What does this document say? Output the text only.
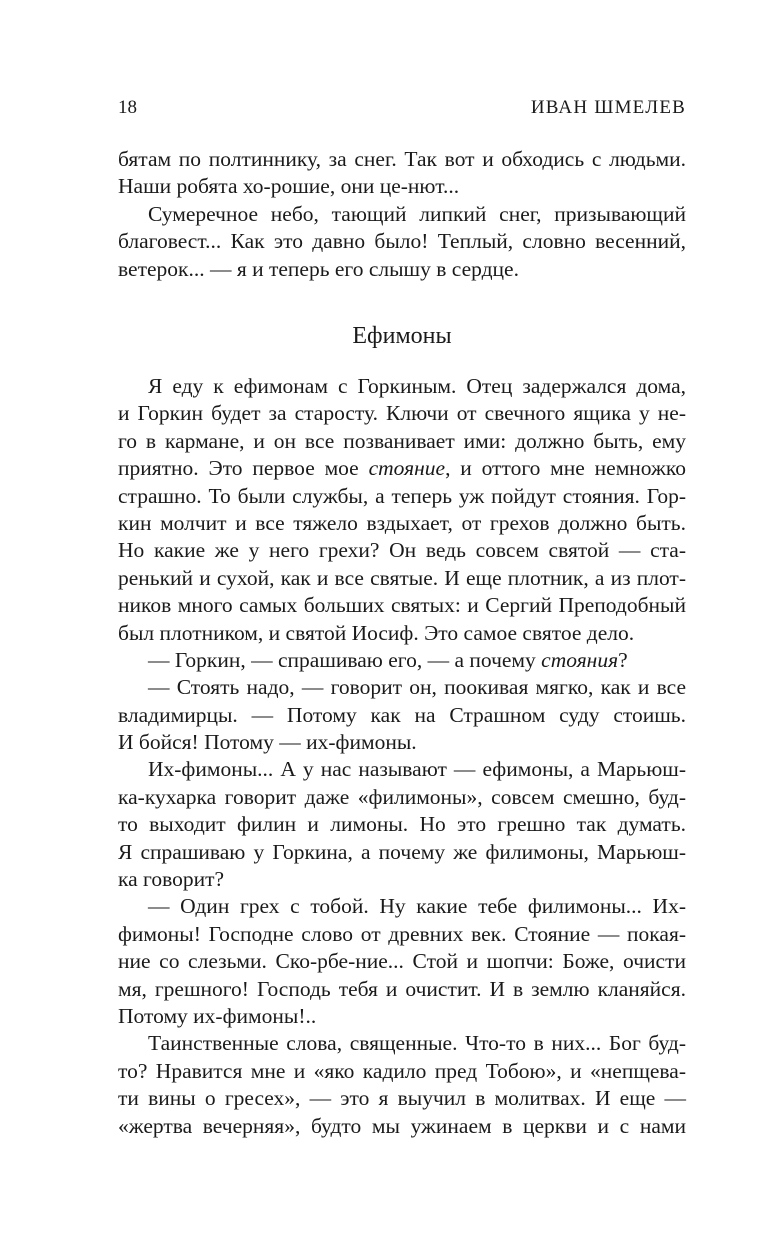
18	ИВАН ШМЕЛЕВ
бятам по полтиннику, за снег. Так вот и обходись с людьми.
Наши робята хо-рошие, они це-нют...
Сумеречное небо, тающий липкий снег, призывающий
благовест... Как это давно было! Теплый, словно весенний,
ветерок... — я и теперь его слышу в сердце.
Ефимоны
Я еду к ефимонам с Горкиным. Отец задержался дома,
и Горкин будет за старосту. Ключи от свечного ящика у не-
го в кармане, и он все позванивает ими: должно быть, ему
приятно. Это первое мое стояние, и оттого мне немножко
страшно. То были службы, а теперь уж пойдут стояния. Гор-
кин молчит и все тяжело вздыхает, от грехов должно быть.
Но какие же у него грехи? Он ведь совсем святой — ста-
ренький и сухой, как и все святые. И еще плотник, а из плот-
ников много самых больших святых: и Сергий Преподобный
был плотником, и святой Иосиф. Это самое святое дело.
— Горкин, — спрашиваю его, — а почему стояния?
— Стоять надо, — говорит он, поокивая мягко, как и все
владимирцы. — Потому как на Страшном суду стоишь.
И бойся! Потому — их-фимоны.
Их-фимоны... А у нас называют — ефимоны, а Марьюш-
ка-кухарка говорит даже «филимоны», совсем смешно, буд-
то выходит филин и лимоны. Но это грешно так думать.
Я спрашиваю у Горкина, а почему же филимоны, Марьюш-
ка говорит?
— Один грех с тобой. Ну какие тебе филимоны... Их-
фимоны! Господне слово от древних век. Стояние — покая-
ние со слезьми. Ско-рбе-ние... Стой и шопчи: Боже, очисти
мя, грешного! Господь тебя и очистит. И в землю кланяйся.
Потому их-фимоны!..
Таинственные слова, священные. Что-то в них... Бог буд-
то? Нравится мне и «яко кадило пред Тобою», и «непщева-
ти вины о гресех», — это я выучил в молитвах. И еще —
«жертва вечерняя», будто мы ужинаем в церкви и с нами
